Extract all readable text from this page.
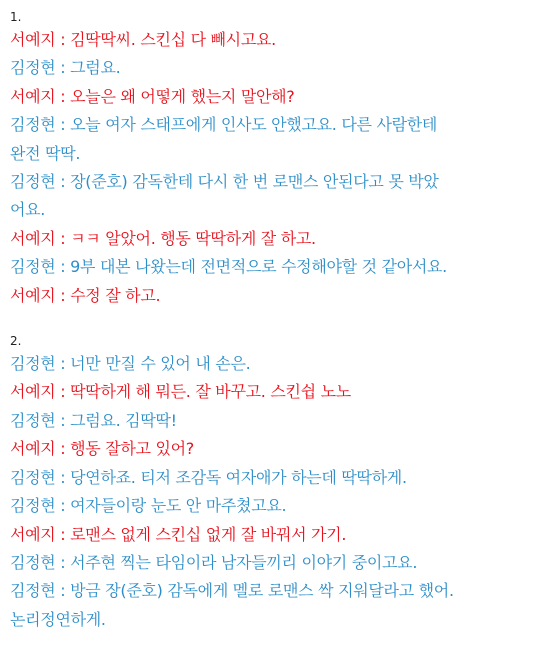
1.
서예지 : 김딱딱씨. 스킨십 다 빼시고요.
김정현 : 그럼요.
서예지 : 오늘은 왜 어떻게 했는지 말안해?
김정현 : 오늘 여자 스태프에게 인사도 안했고요. 다른 사람한테
완전 딱딱.
김정현 : 장(준호) 감독한테 다시 한 번 로맨스 안된다고 못 박았
어요.
서예지 : ㅋㅋ 알았어. 행동 딱딱하게 잘 하고.
김정현 : 9부 대본 나왔는데 전면적으로 수정해야할 것 같아서요.
서예지 : 수정 잘 하고.
2.
김정현 : 너만 만질 수 있어 내 손은.
서예지 : 딱딱하게 해 뭐든. 잘 바꾸고. 스킨쉽 노노
김정현 : 그럼요. 김딱딱!
서예지 : 행동 잘하고 있어?
김정현 : 당연하죠. 티저 조감독 여자애가 하는데 딱딱하게.
김정현 : 여자들이랑 눈도 안 마주쳤고요.
서예지 : 로맨스 없게 스킨십 없게 잘 바꿔서 가기.
김정현 : 서주현 찍는 타임이라 남자들끼리 이야기 중이고요.
김정현 : 방금 장(준호) 감독에게 멜로 로맨스 싹 지워달라고 했어.
논리정연하게.
